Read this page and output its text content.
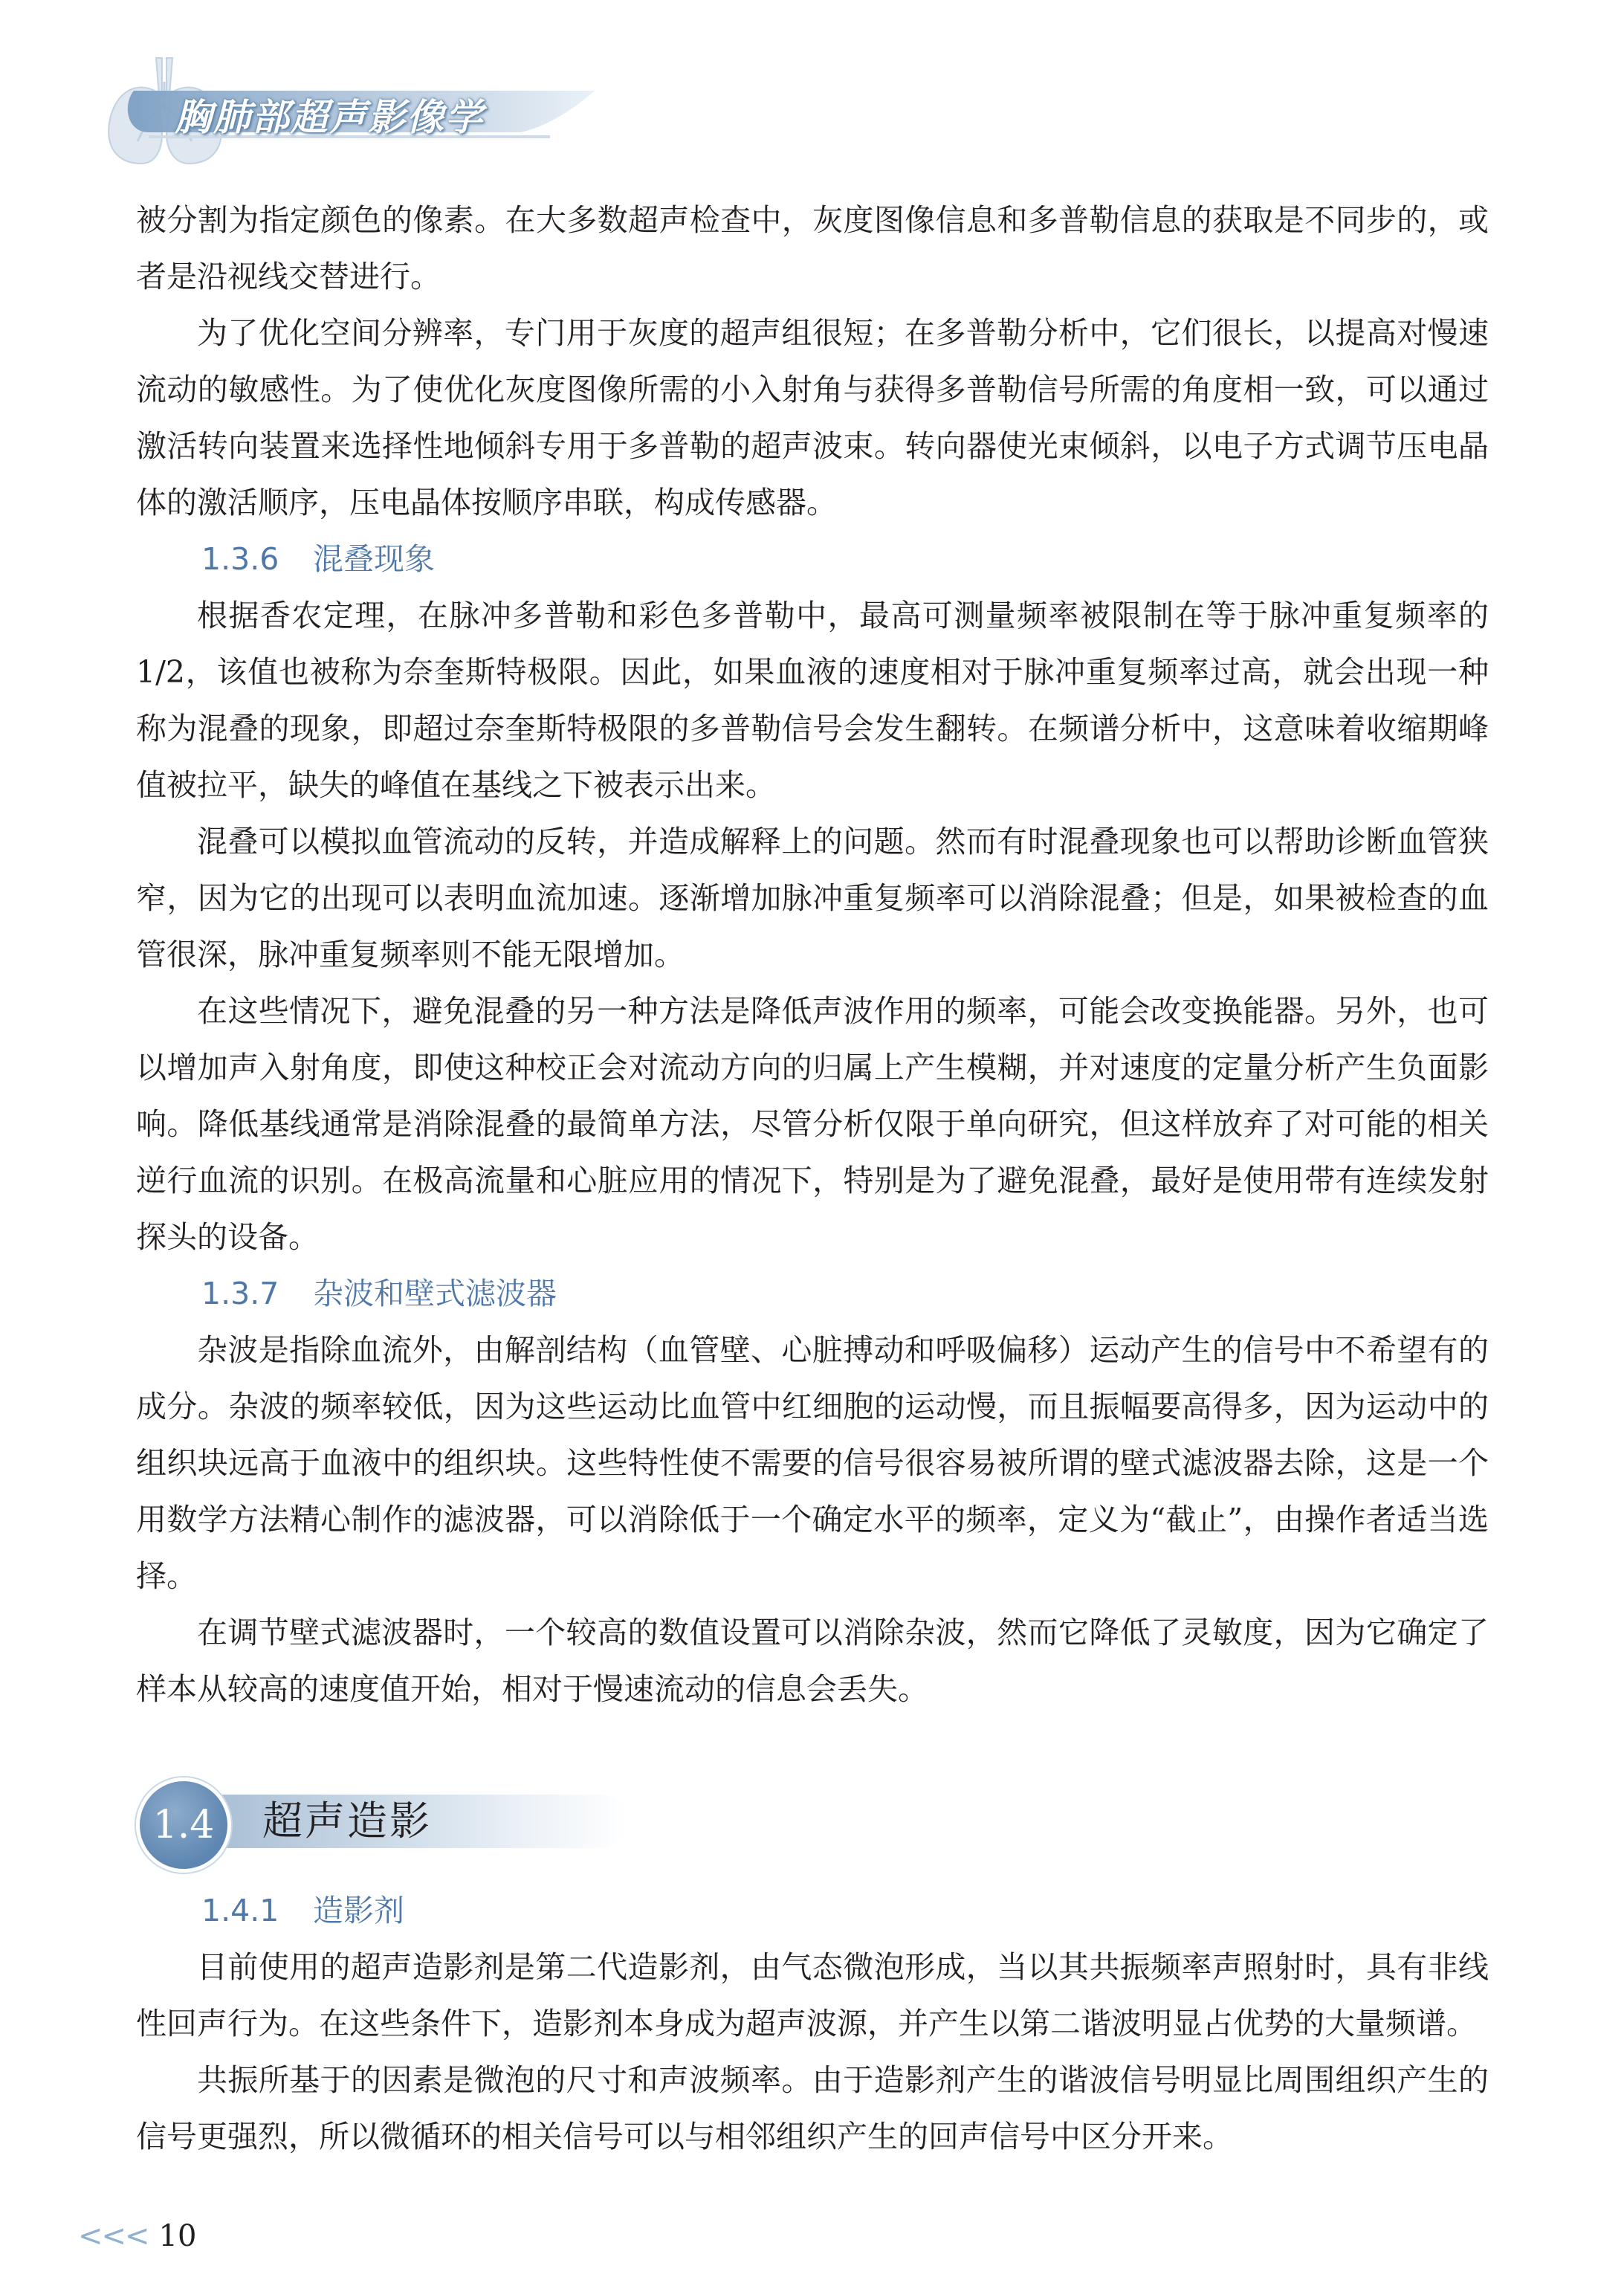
胸肺部超声影像学

被分割为指定颜色的像素。在大多数超声检查中，灰度图像信息和多普勒信息的获取是不同步的，或者是沿视线交替进行。

为了优化空间分辨率，专门用于灰度的超声组很短；在多普勒分析中，它们很长，以提高对慢速流动的敏感性。为了使优化灰度图像所需的小入射角与获得多普勒信号所需的角度相一致，可以通过激活转向装置来选择性地倾斜专用于多普勒的超声波束。转向器使光束倾斜，以电子方式调节压电晶体的激活顺序，压电晶体按顺序串联，构成传感器。

1.3.6 混叠现象

根据香农定理，在脉冲多普勒和彩色多普勒中，最高可测量频率被限制在等于脉冲重复频率的1/2，该值也被称为奈奎斯特极限。因此，如果血液的速度相对于脉冲重复频率过高，就会出现一种称为混叠的现象，即超过奈奎斯特极限的多普勒信号会发生翻转。在频谱分析中，这意味着收缩期峰值被拉平，缺失的峰值在基线之下被表示出来。

混叠可以模拟血管流动的反转，并造成解释上的问题。然而有时混叠现象也可以帮助诊断血管狭窄，因为它的出现可以表明血流加速。逐渐增加脉冲重复频率可以消除混叠；但是，如果被检查的血管很深，脉冲重复频率则不能无限增加。

在这些情况下，避免混叠的另一种方法是降低声波作用的频率，可能会改变换能器。另外，也可以增加声入射角度，即使这种校正会对流动方向的归属上产生模糊，并对速度的定量分析产生负面影响。降低基线通常是消除混叠的最简单方法，尽管分析仅限于单向研究，但这样放弃了对可能的相关逆行血流的识别。在极高流量和心脏应用的情况下，特别是为了避免混叠，最好是使用带有连续发射探头的设备。

1.3.7 杂波和壁式滤波器

杂波是指除血流外，由解剖结构（血管壁、心脏搏动和呼吸偏移）运动产生的信号中不希望有的成分。杂波的频率较低，因为这些运动比血管中红细胞的运动慢，而且振幅要高得多，因为运动中的组织块远高于血液中的组织块。这些特性使不需要的信号很容易被所谓的壁式滤波器去除，这是一个用数学方法精心制作的滤波器，可以消除低于一个确定水平的频率，定义为“截止”，由操作者适当选择。

在调节壁式滤波器时，一个较高的数值设置可以消除杂波，然而它降低了灵敏度，因为它确定了样本从较高的速度值开始，相对于慢速流动的信息会丢失。

1.4	超声造影
1.4.1 造影剂

目前使用的超声造影剂是第二代造影剂，由气态微泡形成，当以其共振频率声照射时，具有非线性回声行为。在这些条件下，造影剂本身成为超声波源，并产生以第二谐波明显占优势的大量频谱。

共振所基于的因素是微泡的尺寸和声波频率。由于造影剂产生的谐波信号明显比周围组织产生的信号更强烈，所以微循环的相关信号可以与相邻组织产生的回声信号中区分开来。

<<< 10
